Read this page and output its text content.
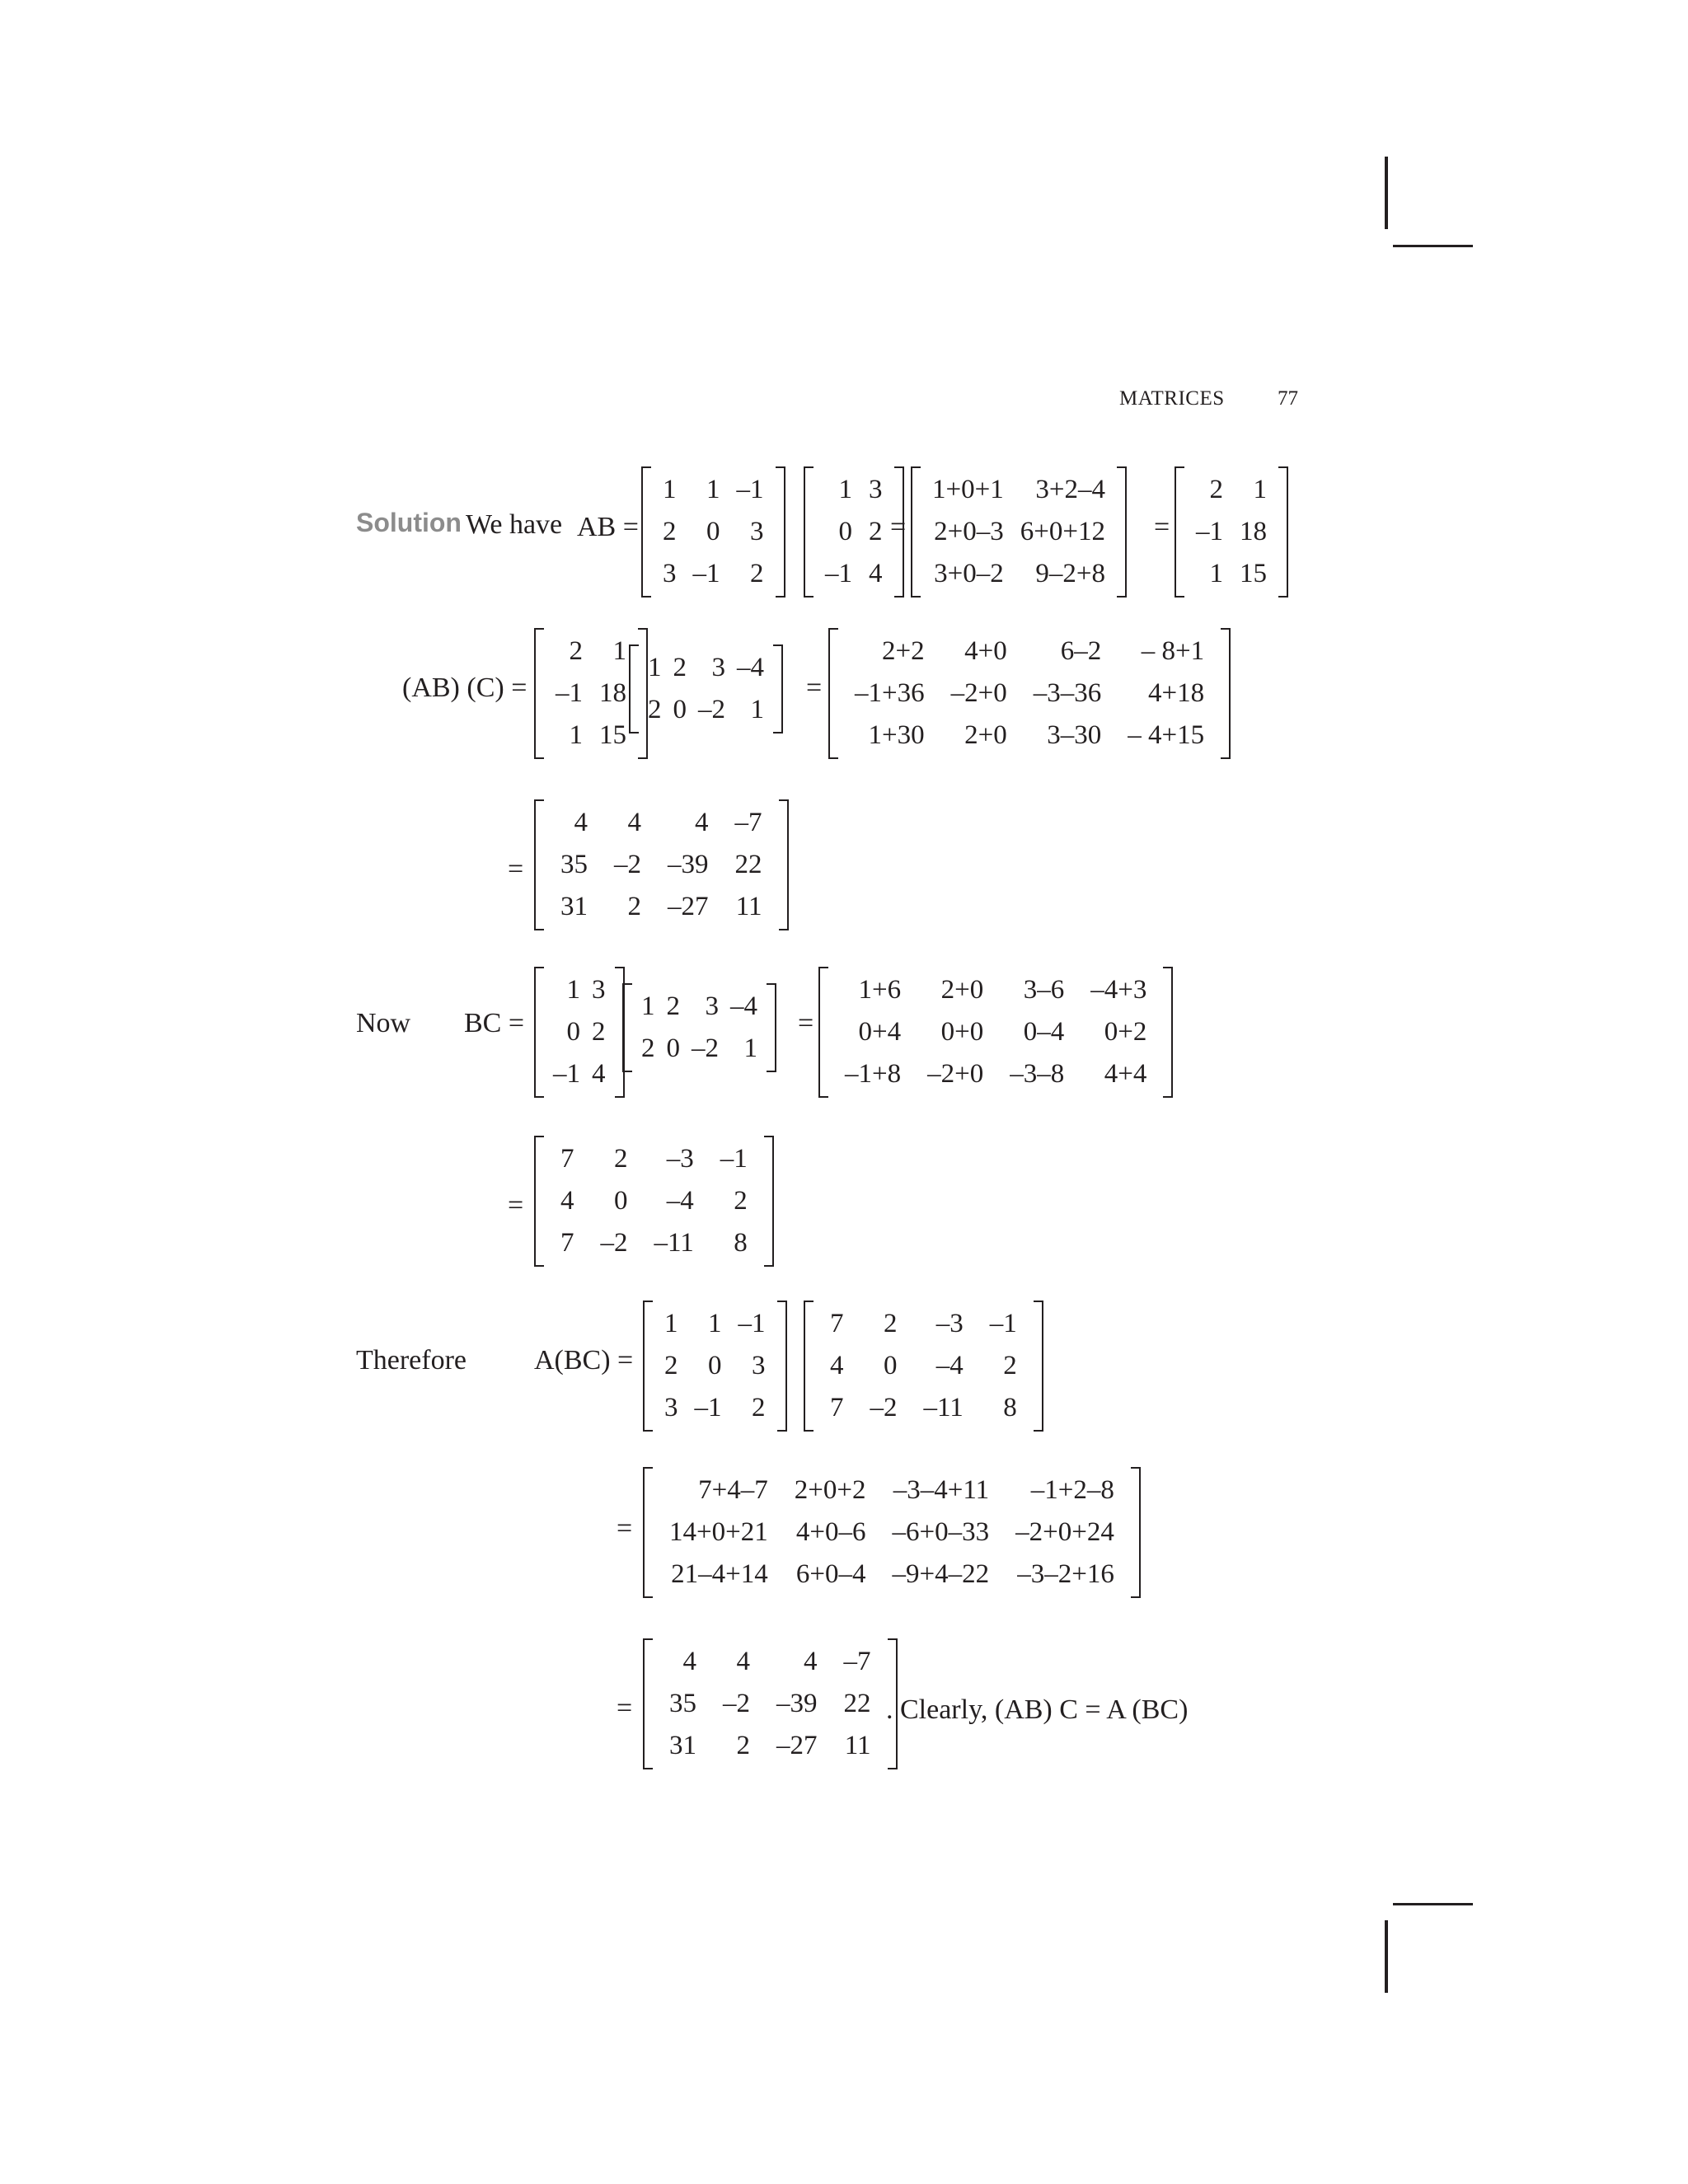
MATRICES	77
Solution We have AB =
1	1	–1
2	0	3
3	–1	2
1	3
0	2
–1	4
=
1+0+1	3+2–4
2+0–3	6+0+12
3+0–2	9–2+8
=
2	1
–1	18
1	15
(AB) (C) =
2	1
–1	18
1	15
1	2	3	–4
2	0	–2	1
=
2+2	4+0	6–2	– 8+1
–1+36	–2+0	–3–36	4+18
1+30	2+0	3–30	– 4+15
=
4	4	4	–7
35	–2	–39	22
31	2	–27	11
Now BC =
1	3
0	2
–1	4
1	2	3	–4
2	0	–2	1
=
1+6	2+0	3–6	–4+3
0+4	0+0	0–4	0+2
–1+8	–2+0	–3–8	4+4
=
7	2	–3	–1
4	0	–4	2
7	–2	–11	8
Therefore A(BC) =
1	1	–1
2	0	3
3	–1	2
7	2	–3	–1
4	0	–4	2
7	–2	–11	8
=
7+4–7	2+0+2	–3–4+11	–1+2–8
14+0+21	4+0–6	–6+0–33	–2+0+24
21–4+14	6+0–4	–9+4–22	–3–2+16
=
4	4	4	–7
35	–2	–39	22
31	2	–27	11
. Clearly, (AB) C = A (BC)
